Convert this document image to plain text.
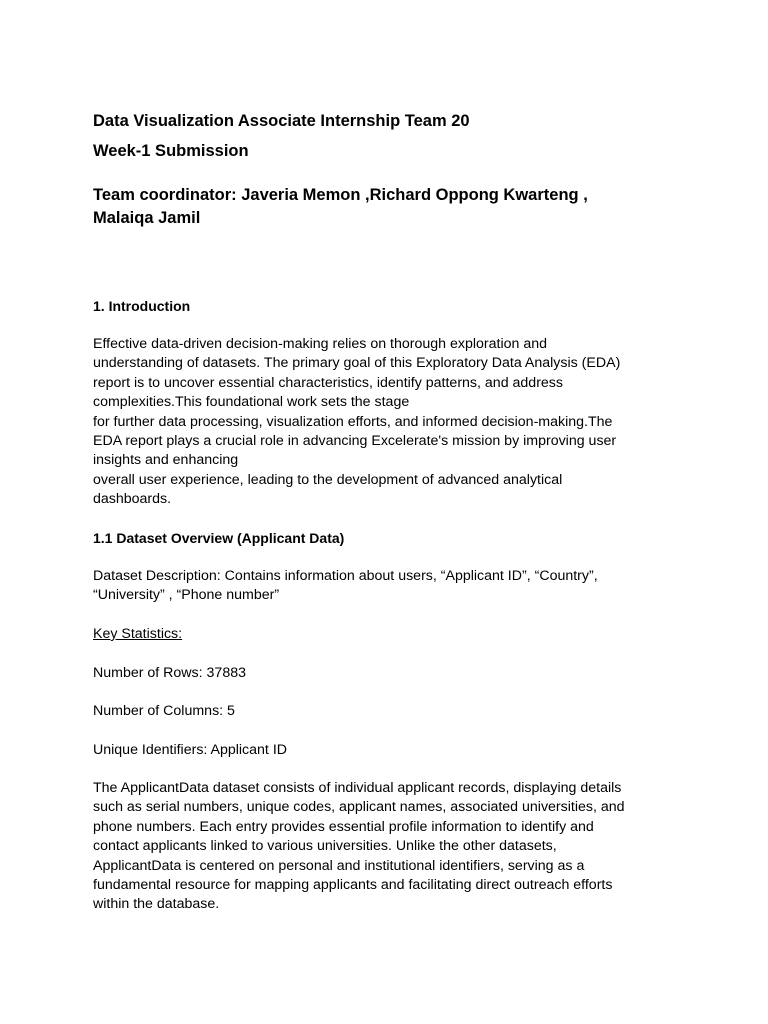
Data Visualization Associate Internship Team 20
Week-1 Submission
Team coordinator: Javeria Memon ,Richard Oppong Kwarteng ,
Malaiqa Jamil
1. Introduction
Effective data-driven decision-making relies on thorough exploration and
understanding of datasets. The primary goal of this Exploratory Data Analysis (EDA)
report is to uncover essential characteristics, identify patterns, and address
complexities.This foundational work sets the stage
for further data processing, visualization efforts, and informed decision-making.The
EDA report plays a crucial role in advancing Excelerate's mission by improving user
insights and enhancing
overall user experience, leading to the development of advanced analytical
dashboards.
1.1 Dataset Overview (Applicant Data)
Dataset Description: Contains information about users, “Applicant ID”, “Country”,
“University” , “Phone number”
Key Statistics:
Number of Rows: 37883
Number of Columns: 5
Unique Identifiers: Applicant ID
The ApplicantData dataset consists of individual applicant records, displaying details
such as serial numbers, unique codes, applicant names, associated universities, and
phone numbers. Each entry provides essential profile information to identify and
contact applicants linked to various universities. Unlike the other datasets,
ApplicantData is centered on personal and institutional identifiers, serving as a
fundamental resource for mapping applicants and facilitating direct outreach efforts
within the database.
